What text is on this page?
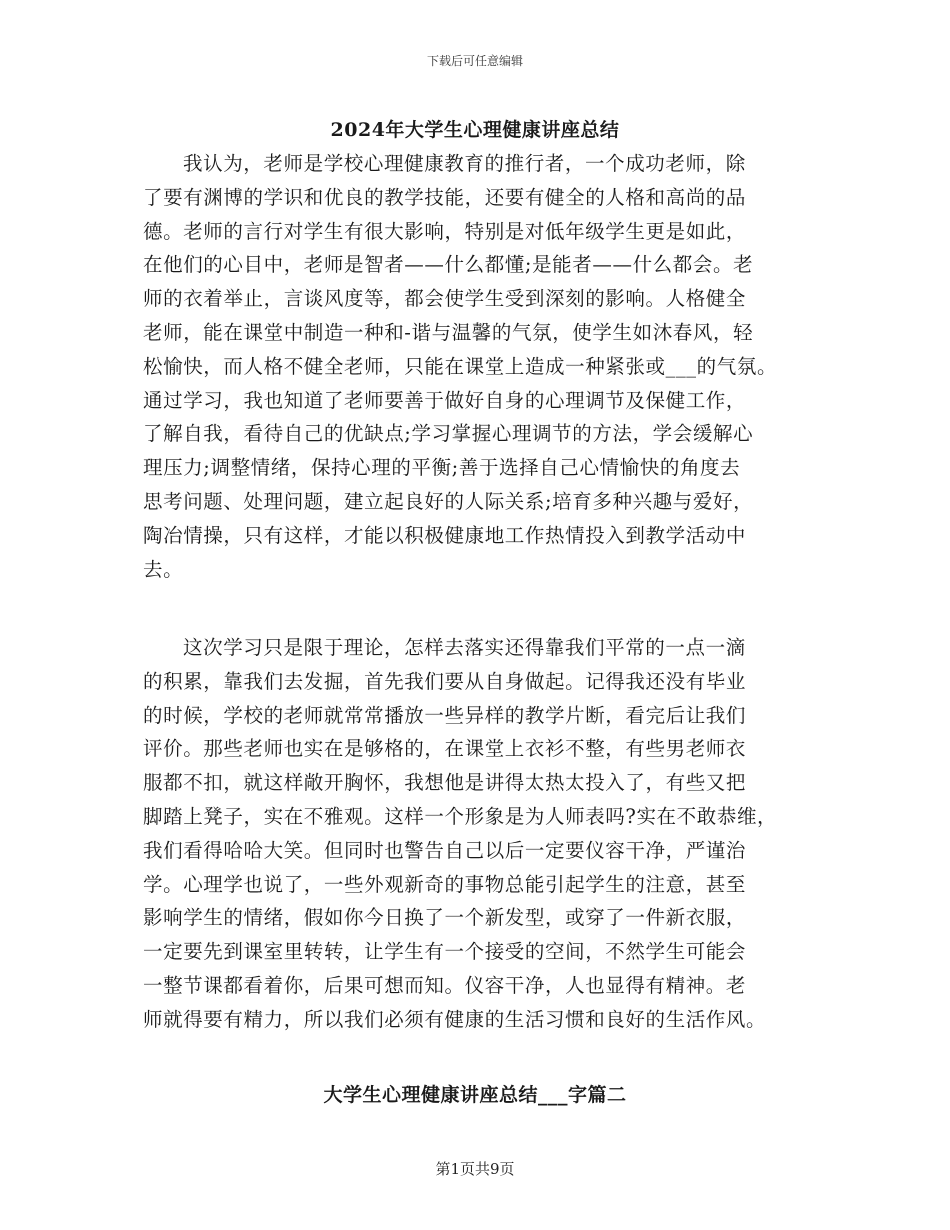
下载后可任意编辑
2024年大学生心理健康讲座总结
我认为，老师是学校心理健康教育的推行者，一个成功老师，除
了要有渊博的学识和优良的教学技能，还要有健全的人格和高尚的品
德。老师的言行对学生有很大影响，特别是对低年级学生更是如此，
在他们的心目中，老师是智者——什么都懂;是能者——什么都会。老
师的衣着举止，言谈风度等，都会使学生受到深刻的影响。人格健全
老师，能在课堂中制造一种和-谐与温馨的气氛，使学生如沐春风，轻
松愉快，而人格不健全老师，只能在课堂上造成一种紧张或___的气氛。
通过学习，我也知道了老师要善于做好自身的心理调节及保健工作，
了解自我，看待自己的优缺点;学习掌握心理调节的方法，学会缓解心
理压力;调整情绪，保持心理的平衡;善于选择自己心情愉快的角度去
思考问题、处理问题，建立起良好的人际关系;培育多种兴趣与爱好，
陶冶情操，只有这样，才能以积极健康地工作热情投入到教学活动中
去。
这次学习只是限于理论，怎样去落实还得靠我们平常的一点一滴
的积累，靠我们去发掘，首先我们要从自身做起。记得我还没有毕业
的时候，学校的老师就常常播放一些异样的教学片断，看完后让我们
评价。那些老师也实在是够格的，在课堂上衣衫不整，有些男老师衣
服都不扣，就这样敞开胸怀，我想他是讲得太热太投入了，有些又把
脚踏上凳子，实在不雅观。这样一个形象是为人师表吗?实在不敢恭维，
我们看得哈哈大笑。但同时也警告自己以后一定要仪容干净，严谨治
学。心理学也说了，一些外观新奇的事物总能引起学生的注意，甚至
影响学生的情绪，假如你今日换了一个新发型，或穿了一件新衣服，
一定要先到课室里转转，让学生有一个接受的空间，不然学生可能会
一整节课都看着你，后果可想而知。仪容干净，人也显得有精神。老
师就得要有精力，所以我们必须有健康的生活习惯和良好的生活作风。
大学生心理健康讲座总结___字篇二
第1页共9页
